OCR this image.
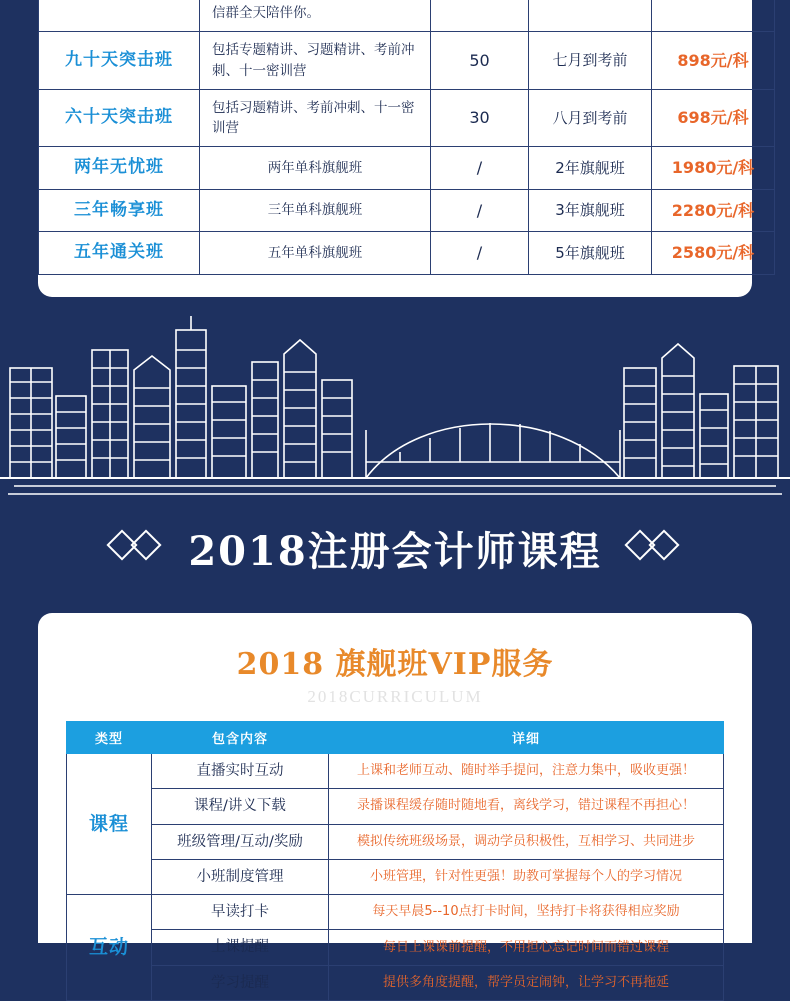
	信群全天陪伴你。			
九十天突击班	包括专题精讲、习题精讲、考前冲刺、十一密训营	50	七月到考前	898元/科
六十天突击班	包括习题精讲、考前冲刺、十一密训营	30	八月到考前	698元/科
两年无忧班	两年单科旗舰班	/	2年旗舰班	1980元/科
三年畅享班	三年单科旗舰班	/	3年旗舰班	2280元/科
五年通关班	五年单科旗舰班	/	5年旗舰班	2580元/科
2018注册会计师课程
2018 旗舰班VIP服务
2018CURRICULUM
类型	包含内容	详细
课程	直播实时互动	上课和老师互动、随时举手提问，注意力集中，吸收更强！
	课程/讲义下载	录播课程缓存随时随地看，离线学习，错过课程不再担心！
	班级管理/互动/奖励	模拟传统班级场景，调动学员积极性，互相学习、共同进步
	小班制度管理	小班管理，针对性更强！助教可掌握每个人的学习情况
互动	早读打卡	每天早晨5--10点打卡时间，坚持打卡将获得相应奖励
	上课提醒	每日上课课前提醒，不用担心忘记时间而错过课程
	学习提醒	提供多角度提醒，帮学员定闹钟，让学习不再拖延
